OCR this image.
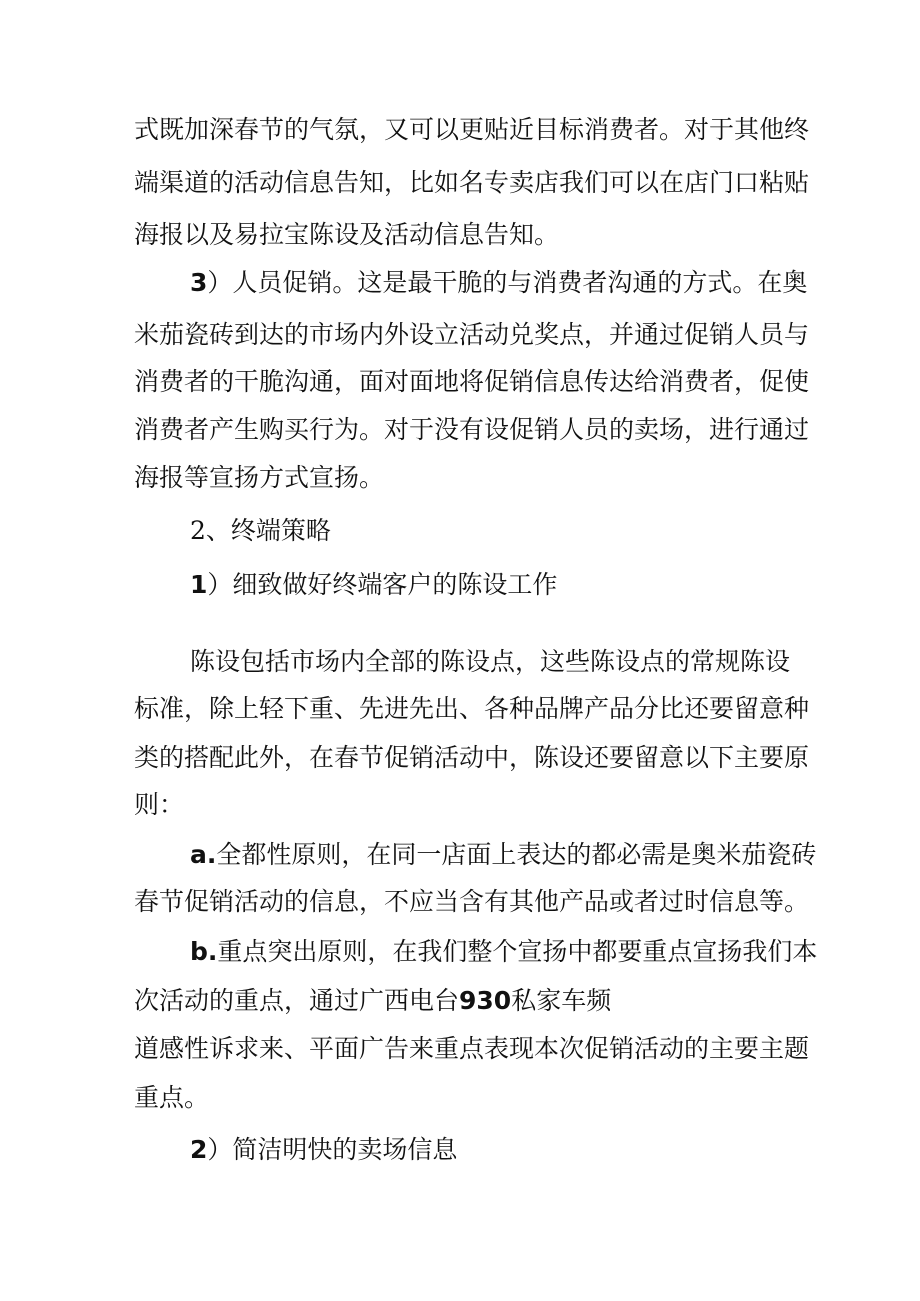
式既加深春节的气氛，又可以更贴近目标消费者。对于其他终
端渠道的活动信息告知，比如名专卖店我们可以在店门口粘贴
海报以及易拉宝陈设及活动信息告知。
3）人员促销。这是最干脆的与消费者沟通的方式。在奥
米茄瓷砖到达的市场内外设立活动兑奖点，并通过促销人员与
消费者的干脆沟通，面对面地将促销信息传达给消费者，促使
消费者产生购买行为。对于没有设促销人员的卖场，进行通过
海报等宣扬方式宣扬。
2、终端策略
1）细致做好终端客户的陈设工作
陈设包括市场内全部的陈设点，这些陈设点的常规陈设
标准，除上轻下重、先进先出、各种品牌产品分比还要留意种
类的搭配此外，在春节促销活动中，陈设还要留意以下主要原
则：
a.全都性原则，在同一店面上表达的都必需是奥米茄瓷砖
春节促销活动的信息，不应当含有其他产品或者过时信息等。
b.重点突出原则，在我们整个宣扬中都要重点宣扬我们本
次活动的重点，通过广西电台930私家车频
道感性诉求来、平面广告来重点表现本次促销活动的主要主题
重点。
2）简洁明快的卖场信息
